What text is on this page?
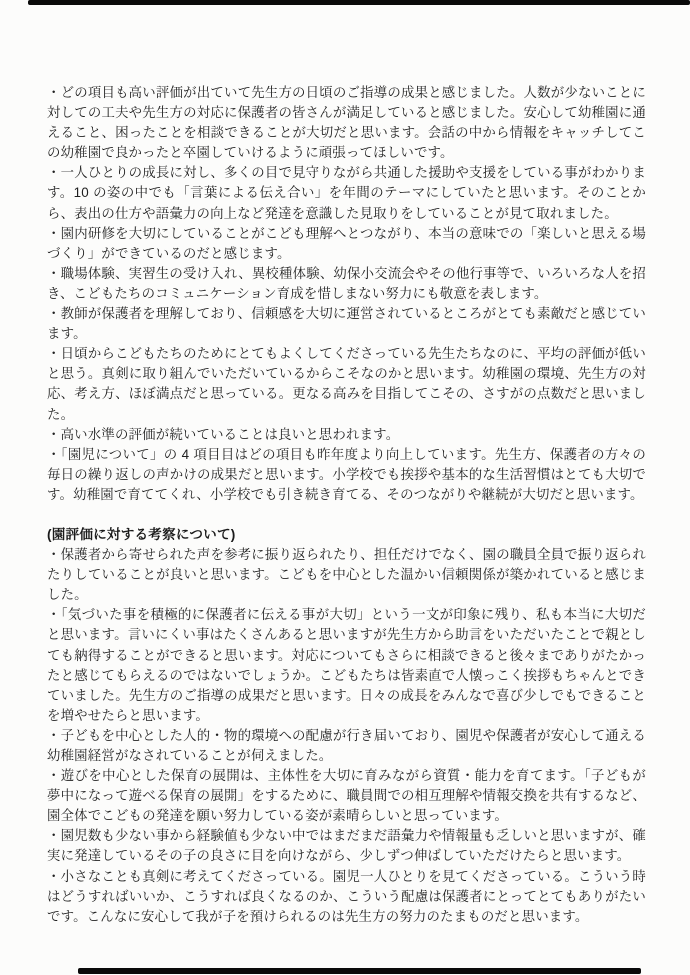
・どの項目も高い評価が出ていて先生方の日頃のご指導の成果と感じました。人数が少ないことに対しての工夫や先生方の対応に保護者の皆さんが満足していると感じました。安心して幼稚園に通えること、困ったことを相談できることが大切だと思います。会話の中から情報をキャッチしてこの幼稚園で良かったと卒園していけるように頑張ってほしいです。

・一人ひとりの成長に対し、多くの目で見守りながら共通した援助や支援をしている事がわかります。10 の姿の中でも「言葉による伝え合い」を年間のテーマにしていたと思います。そのことから、表出の仕方や語彙力の向上など発達を意識した見取りをしていることが見て取れました。

・園内研修を大切にしていることがこども理解へとつながり、本当の意味での「楽しいと思える場づくり」ができているのだと感じます。

・職場体験、実習生の受け入れ、異校種体験、幼保小交流会やその他行事等で、いろいろな人を招き、こどもたちのコミュニケーション育成を惜しまない努力にも敬意を表します。

・教師が保護者を理解しており、信頼感を大切に運営されているところがとても素敵だと感じています。

・日頃からこどもたちのためにとてもよくしてくださっている先生たちなのに、平均の評価が低いと思う。真剣に取り組んでいただいているからこそなのかと思います。幼稚園の環境、先生方の対応、考え方、ほぼ満点だと思っている。更なる高みを目指してこその、さすがの点数だと思いました。

・高い水準の評価が続いていることは良いと思われます。

・「園児について」の 4 項目目はどの項目も昨年度より向上しています。先生方、保護者の方々の毎日の繰り返しの声かけの成果だと思います。小学校でも挨拶や基本的な生活習慣はとても大切です。幼稚園で育ててくれ、小学校でも引き続き育てる、そのつながりや継続が大切だと思います。

(園評価に対する考察について)

・保護者から寄せられた声を参考に振り返られたり、担任だけでなく、園の職員全員で振り返られたりしていることが良いと思います。こどもを中心とした温かい信頼関係が築かれていると感じました。

・「気づいた事を積極的に保護者に伝える事が大切」という一文が印象に残り、私も本当に大切だと思います。言いにくい事はたくさんあると思いますが先生方から助言をいただいたことで親としても納得することができると思います。対応についてもさらに相談できると後々までありがたかったと感じてもらえるのではないでしょうか。こどもたちは皆素直で人懐っこく挨拶もちゃんとできていました。先生方のご指導の成果だと思います。日々の成長をみんなで喜び少しでもできることを増やせたらと思います。

・子どもを中心とした人的・物的環境への配慮が行き届いており、園児や保護者が安心して通える幼稚園経営がなされていることが伺えました。

・遊びを中心とした保育の展開は、主体性を大切に育みながら資質・能力を育てます。「子どもが夢中になって遊べる保育の展開」をするために、職員間での相互理解や情報交換を共有するなど、園全体でこどもの発達を願い努力している姿が素晴らしいと思っています。

・園児数も少ない事から経験値も少ない中ではまだまだ語彙力や情報量も乏しいと思いますが、確実に発達しているその子の良さに目を向けながら、少しずつ伸ばしていただけたらと思います。

・小さなことも真剣に考えてくださっている。園児一人ひとりを見てくださっている。こういう時はどうすればいいか、こうすれば良くなるのか、こういう配慮は保護者にとってとてもありがたいです。こんなに安心して我が子を預けられるのは先生方の努力のたまものだと思います。
